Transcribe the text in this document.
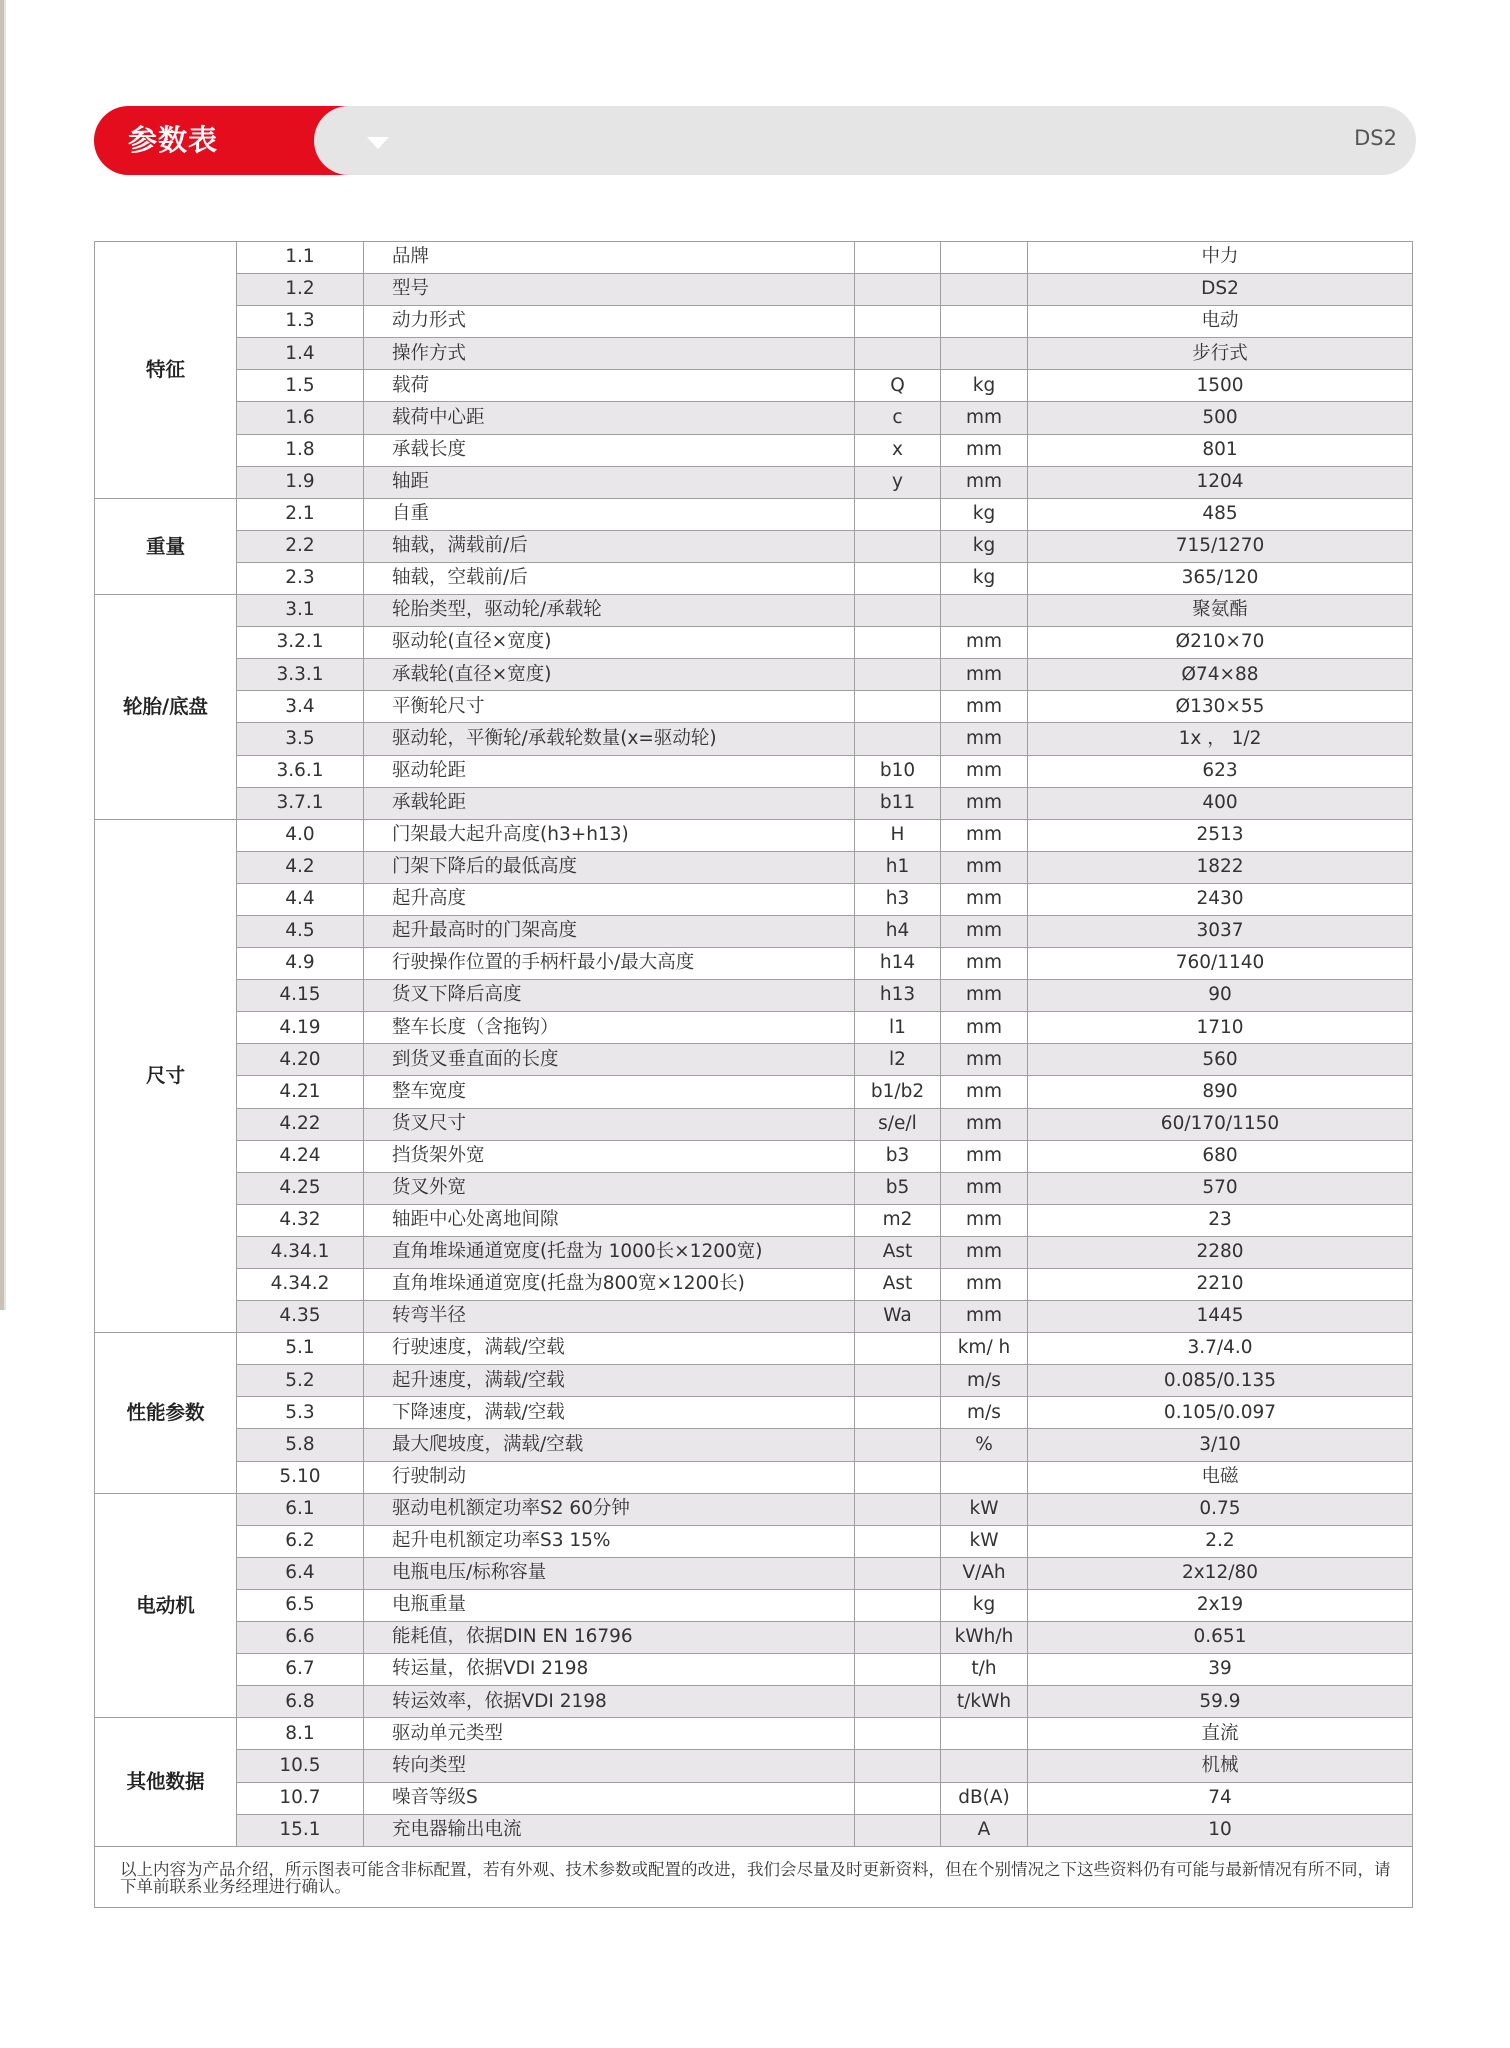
参数表	DS2
特征	1.1	品牌			中力
	1.2	型号			DS2
	1.3	动力形式			电动
	1.4	操作方式			步行式
	1.5	载荷	Q	kg	1500
	1.6	载荷中心距	c	mm	500
	1.8	承载长度	x	mm	801
	1.9	轴距	y	mm	1204
重量	2.1	自重		kg	485
	2.2	轴载，满载前/后		kg	715/1270
	2.3	轴载，空载前/后		kg	365/120
轮胎/底盘	3.1	轮胎类型，驱动轮/承载轮			聚氨酯
	3.2.1	驱动轮(直径×宽度)		mm	Ø210×70
	3.3.1	承载轮(直径×宽度)		mm	Ø74×88
	3.4	平衡轮尺寸		mm	Ø130×55
	3.5	驱动轮，平衡轮/承载轮数量(x=驱动轮)		mm	1x ， 1/2
	3.6.1	驱动轮距	b10	mm	623
	3.7.1	承载轮距	b11	mm	400
尺寸	4.0	门架最大起升高度(h3+h13)	H	mm	2513
	4.2	门架下降后的最低高度	h1	mm	1822
	4.4	起升高度	h3	mm	2430
	4.5	起升最高时的门架高度	h4	mm	3037
	4.9	行驶操作位置的手柄杆最小/最大高度	h14	mm	760/1140
	4.15	货叉下降后高度	h13	mm	90
	4.19	整车长度（含拖钩）	l1	mm	1710
	4.20	到货叉垂直面的长度	l2	mm	560
	4.21	整车宽度	b1/b2	mm	890
	4.22	货叉尺寸	s/e/l	mm	60/170/1150
	4.24	挡货架外宽	b3	mm	680
	4.25	货叉外宽	b5	mm	570
	4.32	轴距中心处离地间隙	m2	mm	23
	4.34.1	直角堆垛通道宽度(托盘为 1000长×1200宽)	Ast	mm	2280
	4.34.2	直角堆垛通道宽度(托盘为800宽×1200长)	Ast	mm	2210
	4.35	转弯半径	Wa	mm	1445
性能参数	5.1	行驶速度，满载/空载		km/ h	3.7/4.0
	5.2	起升速度，满载/空载		m/s	0.085/0.135
	5.3	下降速度，满载/空载		m/s	0.105/0.097
	5.8	最大爬坡度，满载/空载		%	3/10
	5.10	行驶制动			电磁
电动机	6.1	驱动电机额定功率S2 60分钟		kW	0.75
	6.2	起升电机额定功率S3 15%		kW	2.2
	6.4	电瓶电压/标称容量		V/Ah	2x12/80
	6.5	电瓶重量		kg	2x19
	6.6	能耗值，依据DIN EN 16796		kWh/h	0.651
	6.7	转运量，依据VDI 2198		t/h	39
	6.8	转运效率，依据VDI 2198		t/kWh	59.9
其他数据	8.1	驱动单元类型			直流
	10.5	转向类型			机械
	10.7	噪音等级S		dB(A)	74
	15.1	充电器输出电流		A	10
以上内容为产品介绍，所示图表可能含非标配置，若有外观、技术参数或配置的改进，我们会尽量及时更新资料，但在个别情况之下这些资料仍有可能与最新情况有所不同，请下单前联系业务经理进行确认。					
